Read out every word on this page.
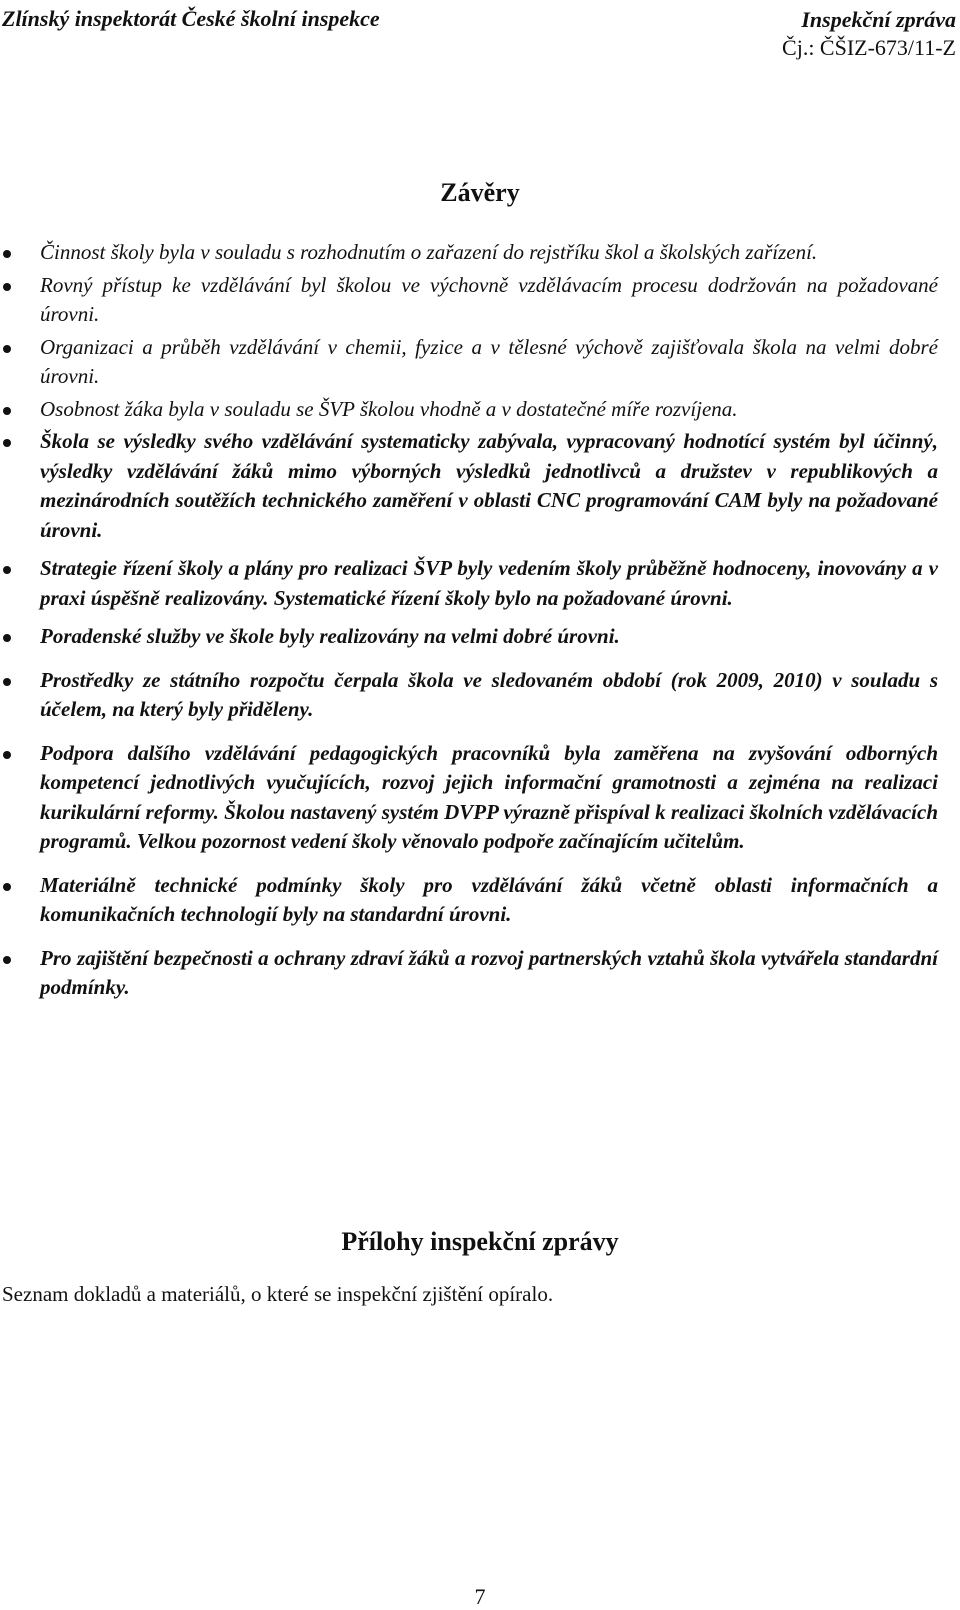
Zlínský inspektorát České školní inspekce	Inspekční zpráva
Čj.: ČŠIZ-673/11-Z
Závěry
Činnost školy byla v souladu s rozhodnutím o zařazení do rejstříku škol a školských zařízení.
Rovný přístup ke vzdělávání byl školou ve výchovně vzdělávacím procesu dodržován na požadované úrovni.
Organizaci a průběh vzdělávání v chemii, fyzice a v tělesné výchově zajišťovala škola na velmi dobré úrovni.
Osobnost žáka byla v souladu se ŠVP školou vhodně a v dostatečné míře rozvíjena.
Škola se výsledky svého vzdělávání systematicky zabývala, vypracovaný hodnotící systém byl účinný, výsledky vzdělávání žáků mimo výborných výsledků jednotlivců a družstev v republikových a mezinárodních soutěžích technického zaměření v oblasti CNC programování CAM byly na požadované úrovni.
Strategie řízení školy a plány pro realizaci ŠVP byly vedením školy průběžně hodnoceny, inovovány a v praxi úspěšně realizovány. Systematické řízení školy bylo na požadované úrovni.
Poradenské služby ve škole byly realizovány na velmi dobré úrovni.
Prostředky ze státního rozpočtu čerpala škola ve sledovaném období (rok 2009, 2010) v souladu s účelem, na který byly přiděleny.
Podpora dalšího vzdělávání pedagogických pracovníků byla zaměřena na zvyšování odborných kompetencí jednotlivých vyučujících, rozvoj jejich informační gramotnosti a zejména na realizaci kurikulární reformy. Školou nastavený systém DVPP výrazně přispíval k realizaci školních vzdělávacích programů. Velkou pozornost vedení školy věnovalo podpoře začínajícím učitelům.
Materiálně technické podmínky školy pro vzdělávání žáků včetně oblasti informačních a komunikačních technologií byly na standardní úrovni.
Pro zajištění bezpečnosti a ochrany zdraví žáků a rozvoj partnerských vztahů škola vytvářela standardní podmínky.
Přílohy inspekční zprávy
Seznam dokladů a materiálů, o které se inspekční zjištění opíralo.
7
